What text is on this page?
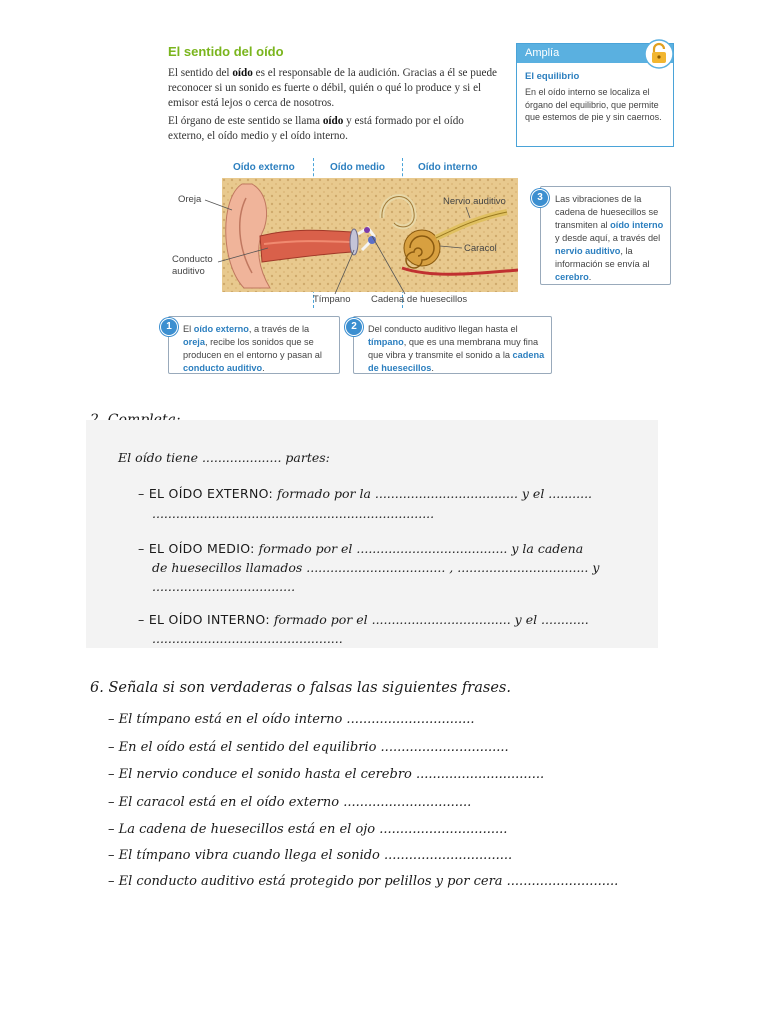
El sentido del oído
El sentido del oído es el responsable de la audición. Gracias a él se puede reconocer si un sonido es fuerte o débil, quién o qué lo produce y si el emisor está lejos o cerca de nosotros.
El órgano de este sentido se llama oído y está formado por el oído externo, el oído medio y el oído interno.
Amplía
El equilibrio
En el oído interno se localiza el órgano del equilibrio, que permite que estemos de pie y sin caernos.
Oído externo	Oído medio	Oído interno
Oreja
Conducto auditivo
Tímpano Cadena de huesecillos
Nervio auditivo
Caracol
El oído externo, a través de la oreja, recibe los sonidos que se producen en el entorno y pasan al conducto auditivo.
1	Del conducto auditivo llegan hasta el tímpano, que es una membrana muy fina que vibra y transmite el sonido a la cadena de huesecillos.
2
Las vibraciones de la cadena de huesecillos se transmiten al oído interno y desde aquí, a través del nervio auditivo, la información se envía al cerebro.
3
El oído tiene .................... partes:
– EL OÍDO EXTERNO: formado por la .................................... y el ...........
.......................................................................
– EL OÍDO MEDIO: formado por el ...................................... y la cadena
de huesecillos llamados ................................... , ................................. y
....................................
– EL OÍDO INTERNO: formado por el ................................... y el ............
................................................
6. Señala si son verdaderas o falsas las siguientes frases.
– El tímpano está en el oído interno ...............................
– En el oído está el sentido del equilibrio ...............................
– El nervio conduce el sonido hasta el cerebro ...............................
– El caracol está en el oído externo ...............................
– La cadena de huesecillos está en el ojo ...............................
– El tímpano vibra cuando llega el sonido ...............................
– El conducto auditivo está protegido por pelillos y por cera ...........................
